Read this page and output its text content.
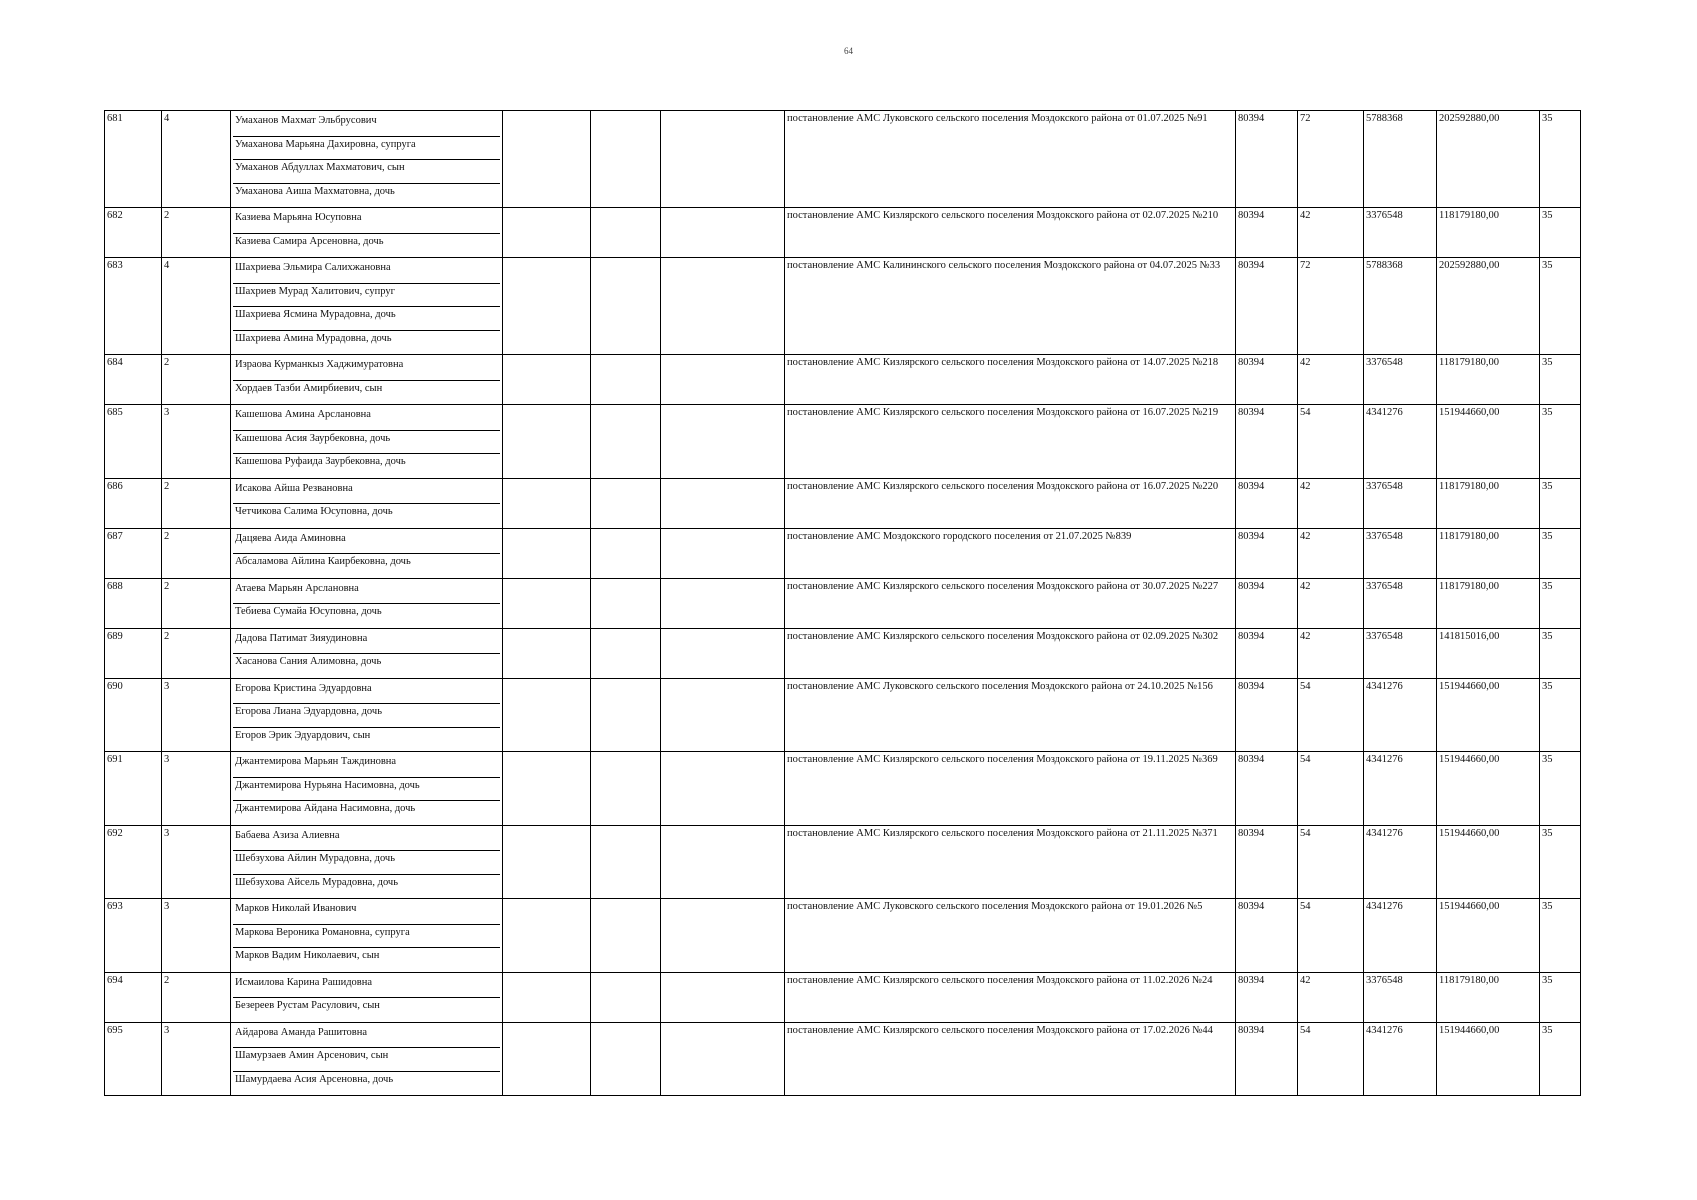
64
681	4	Умаханов Махмат Эльбрусович
Умаханова Марьяна Дахировна, супруга
Умаханов Абдуллах Махматович, сын
Умаханова Аиша Махматовна, дочь				постановление АМС Луковского сельского поселения Моздокского района от 01.07.2025 №91	80394	72	5788368	202592880,00	35
682	2	Казиева Марьяна Юсуповна
Казиева Самира Арсеновна, дочь				постановление АМС Кизлярского сельского поселения Моздокского района от 02.07.2025 №210	80394	42	3376548	118179180,00	35
683	4	Шахриева Эльмира Салихжановна
Шахриев Мурад Халитович, супруг
Шахриева Ясмина Мурадовна, дочь
Шахриева Амина Мурадовна, дочь				постановление АМС Калининского сельского поселения Моздокского района от 04.07.2025 №33	80394	72	5788368	202592880,00	35
684	2	Израова Курманкыз Хаджимуратовна
Хордаев Тазби Амирбиевич, сын				постановление АМС Кизлярского сельского поселения Моздокского района от 14.07.2025 №218	80394	42	3376548	118179180,00	35
685	3	Кашешова Амина Арслановна
Кашешова Асия Заурбековна, дочь
Кашешова Руфаида Заурбековна, дочь				постановление АМС Кизлярского сельского поселения Моздокского района от 16.07.2025 №219	80394	54	4341276	151944660,00	35
686	2	Исакова Айша Резвановна
Четчикова Салима Юсуповна, дочь				постановление АМС Кизлярского сельского поселения Моздокского района от 16.07.2025 №220	80394	42	3376548	118179180,00	35
687	2	Дацяева Аида Аминовна
Абсаламова Айлина Каирбековна, дочь				постановление АМС Моздокского городского поселения от 21.07.2025 №839	80394	42	3376548	118179180,00	35
688	2	Атаева Марьян Арслановна
Тебиева Сумайа Юсуповна, дочь				постановление АМС Кизлярского сельского поселения Моздокского района от 30.07.2025 №227	80394	42	3376548	118179180,00	35
689	2	Дадова Патимат Зияудиновна
Хасанова Сания Алимовна, дочь				постановление АМС Кизлярского сельского поселения Моздокского района от 02.09.2025 №302	80394	42	3376548	141815016,00	35
690	3	Егорова Кристина Эдуардовна
Егорова Лиана Эдуардовна, дочь
Егоров Эрик Эдуардович, сын				постановление АМС Луковского сельского поселения Моздокского района от 24.10.2025 №156	80394	54	4341276	151944660,00	35
691	3	Джантемирова Марьян Таждиновна
Джантемирова Нурьяна Насимовна, дочь
Джантемирова Айдана Насимовна, дочь				постановление АМС Кизлярского сельского поселения Моздокского района от 19.11.2025 №369	80394	54	4341276	151944660,00	35
692	3	Бабаева Азиза Алиевна
Шебзухова Айлин Мурадовна, дочь
Шебзухова Айсель Мурадовна, дочь				постановление АМС Кизлярского сельского поселения Моздокского района от 21.11.2025 №371	80394	54	4341276	151944660,00	35
693	3	Марков Николай Иванович
Маркова Вероника Романовна, супруга
Марков Вадим Николаевич, сын				постановление АМС Луковского сельского поселения Моздокского района от 19.01.2026 №5	80394	54	4341276	151944660,00	35
694	2	Исмаилова Карина Рашидовна
Безереев Рустам Расулович, сын				постановление АМС Кизлярского сельского поселения Моздокского района от 11.02.2026 №24	80394	42	3376548	118179180,00	35
695	3	Айдарова Аманда Рашитовна
Шамурзаев Амин Арсенович, сын
Шамурдаева Асия Арсеновна, дочь				постановление АМС Кизлярского сельского поселения Моздокского района от 17.02.2026 №44	80394	54	4341276	151944660,00	35
